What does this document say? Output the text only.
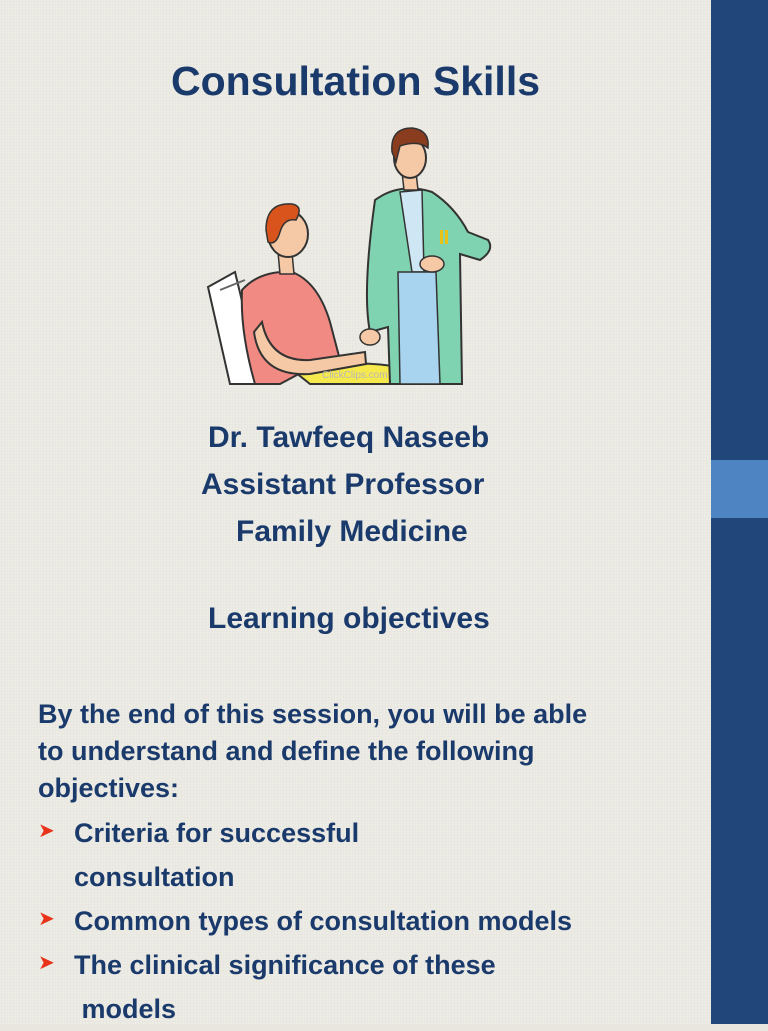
Consultation Skills
ClickClips.com
Dr. Tawfeeq Naseeb
Assistant Professor
Family Medicine
Learning objectives
By the end of this session, you will be able
to understand and define the following
objectives:
➤ Criteria for successful
consultation
➤ Common types of consultation models
➤ The clinical significance of these
models
